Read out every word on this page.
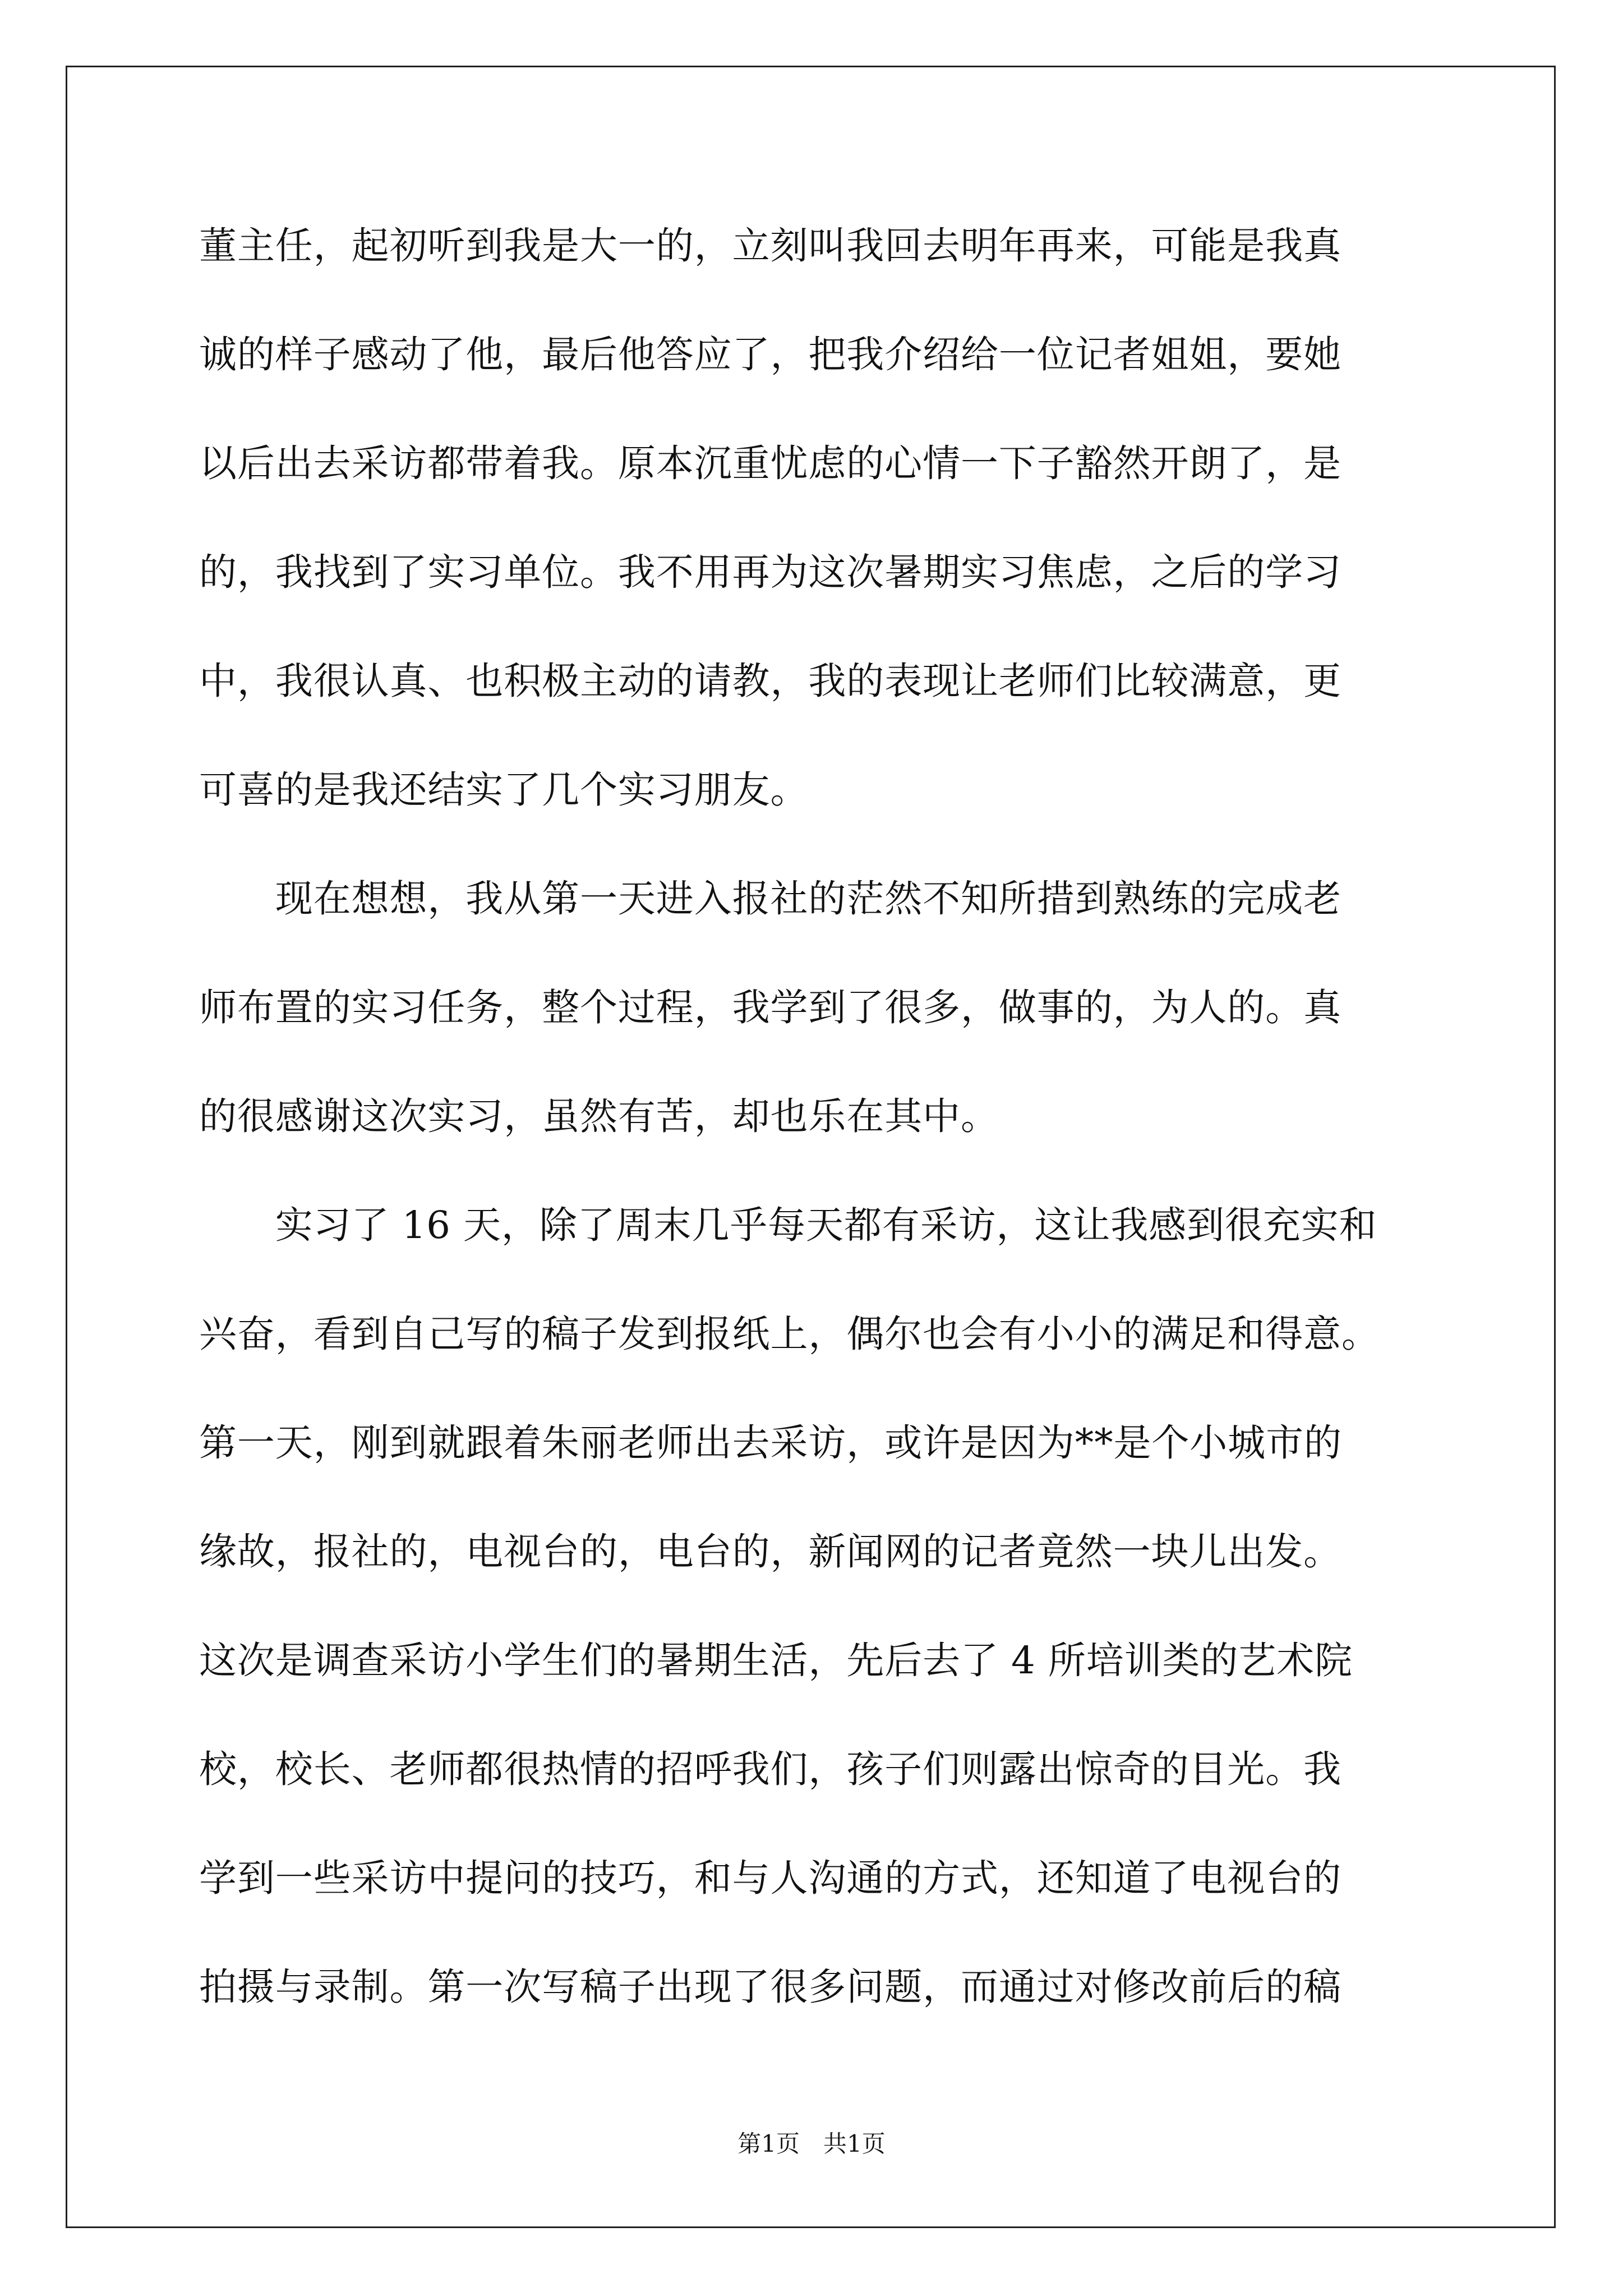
董主任，起初听到我是大一的，立刻叫我回去明年再来，可能是我真
诚的样子感动了他，最后他答应了，把我介绍给一位记者姐姐，要她
以后出去采访都带着我。原本沉重忧虑的心情一下子豁然开朗了，是
的，我找到了实习单位。我不用再为这次暑期实习焦虑，之后的学习
中，我很认真、也积极主动的请教，我的表现让老师们比较满意，更
可喜的是我还结实了几个实习朋友。
　　现在想想，我从第一天进入报社的茫然不知所措到熟练的完成老
师布置的实习任务，整个过程，我学到了很多，做事的，为人的。真
的很感谢这次实习，虽然有苦，却也乐在其中。
　　实习了 16 天，除了周末几乎每天都有采访，这让我感到很充实和
兴奋，看到自己写的稿子发到报纸上，偶尔也会有小小的满足和得意。
第一天，刚到就跟着朱丽老师出去采访，或许是因为**是个小城市的
缘故，报社的，电视台的，电台的，新闻网的记者竟然一块儿出发。
这次是调查采访小学生们的暑期生活，先后去了 4 所培训类的艺术院
校，校长、老师都很热情的招呼我们，孩子们则露出惊奇的目光。我
学到一些采访中提问的技巧，和与人沟通的方式，还知道了电视台的
拍摄与录制。第一次写稿子出现了很多问题，而通过对修改前后的稿
第1页　共1页
